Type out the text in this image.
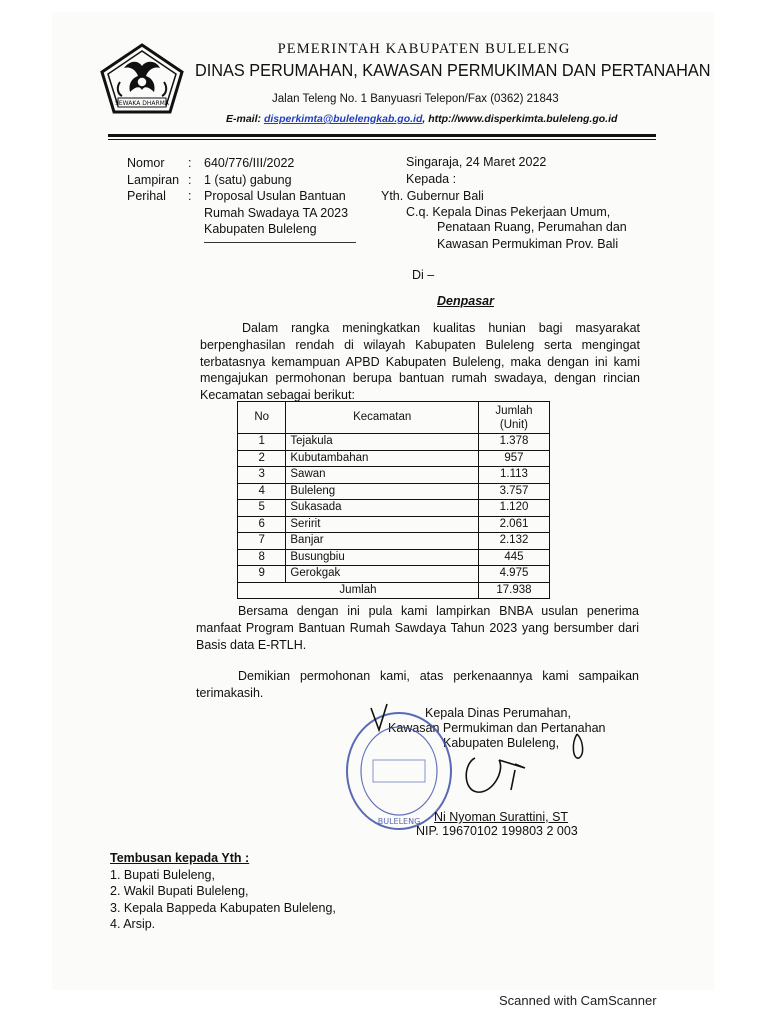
SEWAKA DHARMA
PEMERINTAH KABUPATEN BULELENG
DINAS PERUMAHAN, KAWASAN PERMUKIMAN DAN PERTANAHAN
Jalan Teleng No. 1 Banyuasri Telepon/Fax (0362) 21843
E-mail: disperkimta@bulelengkab.go.id, http://www.disperkimta.buleleng.go.id
Nomor	:	640/776/III/2022
Lampiran :	1 (satu) gabung
Perihal	:	Proposal Usulan Bantuan
Rumah Swadaya TA 2023
Kabupaten Buleleng
Singaraja, 24 Maret 2022
Kepada :
Yth. Gubernur Bali
C.q. Kepala Dinas Pekerjaan Umum,
Penataan Ruang, Perumahan dan
Kawasan Permukiman Prov. Bali
Di –
Denpasar
Dalam rangka meningkatkan kualitas hunian bagi masyarakat berpenghasilan rendah di wilayah Kabupaten Buleleng serta mengingat terbatasnya kemampuan APBD Kabupaten Buleleng, maka dengan ini kami mengajukan permohonan berupa bantuan rumah swadaya, dengan rincian Kecamatan sebagai berikut:
No	Kecamatan	Jumlah
(Unit)

1	Tejakula	1.378
2	Kubutambahan	957
3	Sawan	1.113
4	Buleleng	3.757
5	Sukasada	1.120
6	Seririt	2.061
7	Banjar	2.132
8	Busungbiu	445
9	Gerokgak	4.975
Jumlah		17.938
Bersama dengan ini pula kami lampirkan BNBA usulan penerima manfaat Program Bantuan Rumah Sawdaya Tahun 2023 yang bersumber dari Basis data E-RTLH.
Demikian permohonan kami, atas perkenaannya kami sampaikan terimakasih.
Kepala Dinas Perumahan,
Kawasan Permukiman dan Pertanahan
Kabupaten Buleleng,
BULELENG Ni Nyoman Surattini, ST
NIP. 19670102 199803 2 003
Tembusan kepada Yth :
1. Bupati Buleleng,
2. Wakil Bupati Buleleng,
3. Kepala Bappeda Kabupaten Buleleng,
4. Arsip.
Scanned with CamScanner
